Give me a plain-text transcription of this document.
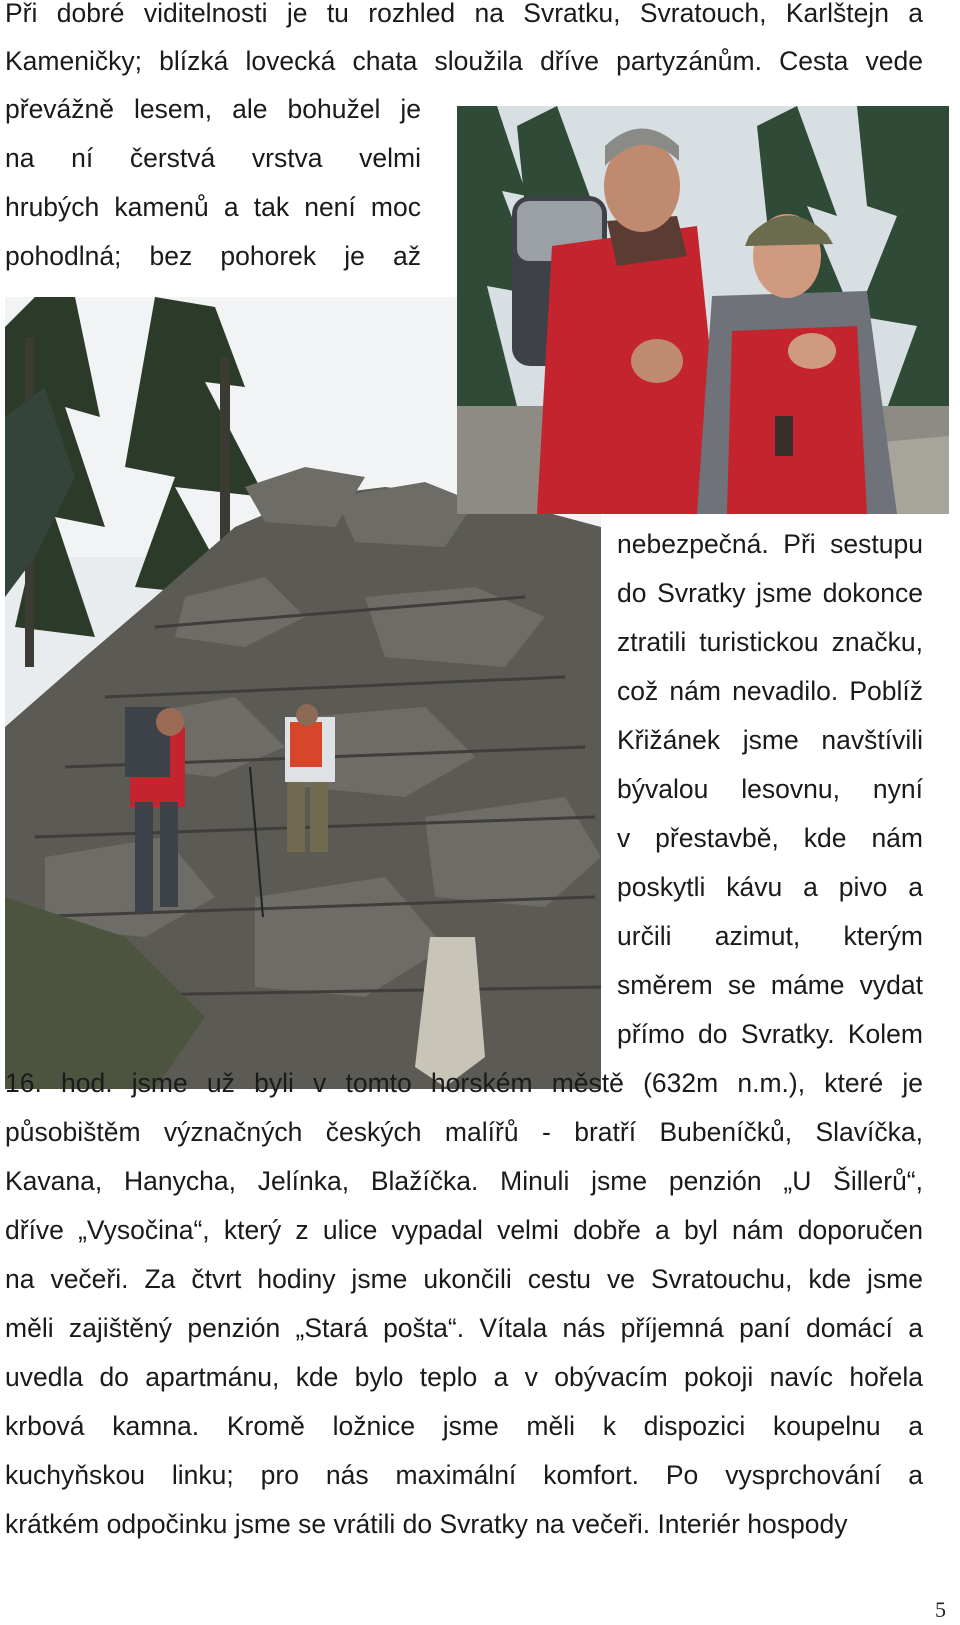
Při dobré viditelnosti je tu rozhled na Svratku, Svratouch, Karlštejn a
Kameničky; blízká lovecká chata sloužila dříve partyzánům. Cesta vede
převážně lesem, ale bohužel je
na ní čerstvá vrstva velmi
hrubých kamenů a tak není moc
pohodlná; bez pohorek je až
nebezpečná. Při sestupu
do Svratky jsme dokonce
ztratili turistickou značku,
což nám nevadilo. Poblíž
Křižánek jsme navštívili
bývalou lesovnu, nyní
v přestavbě, kde nám
poskytli kávu a pivo a
určili azimut, kterým
směrem se máme vydat
přímo do Svratky. Kolem
16. hod. jsme už byli v tomto horském městě (632m n.m.), které je
působištěm význačných českých malířů - bratří Bubeníčků, Slavíčka,
Kavana, Hanycha, Jelínka, Blažíčka. Minuli jsme penzión „U Šillerů“,
dříve „Vysočina“, který z ulice vypadal velmi dobře a byl nám doporučen
na večeři. Za čtvrt hodiny jsme ukončili cestu ve Svratouchu, kde jsme
měli zajištěný penzión „Stará pošta“. Vítala nás příjemná paní domácí a
uvedla do apartmánu, kde bylo teplo a v obývacím pokoji navíc hořela
krbová kamna. Kromě ložnice jsme měli k dispozici koupelnu a
kuchyňskou linku; pro nás maximální komfort. Po vysprchování a
krátkém odpočinku jsme se vrátili do Svratky na večeři. Interiér hospody
5
